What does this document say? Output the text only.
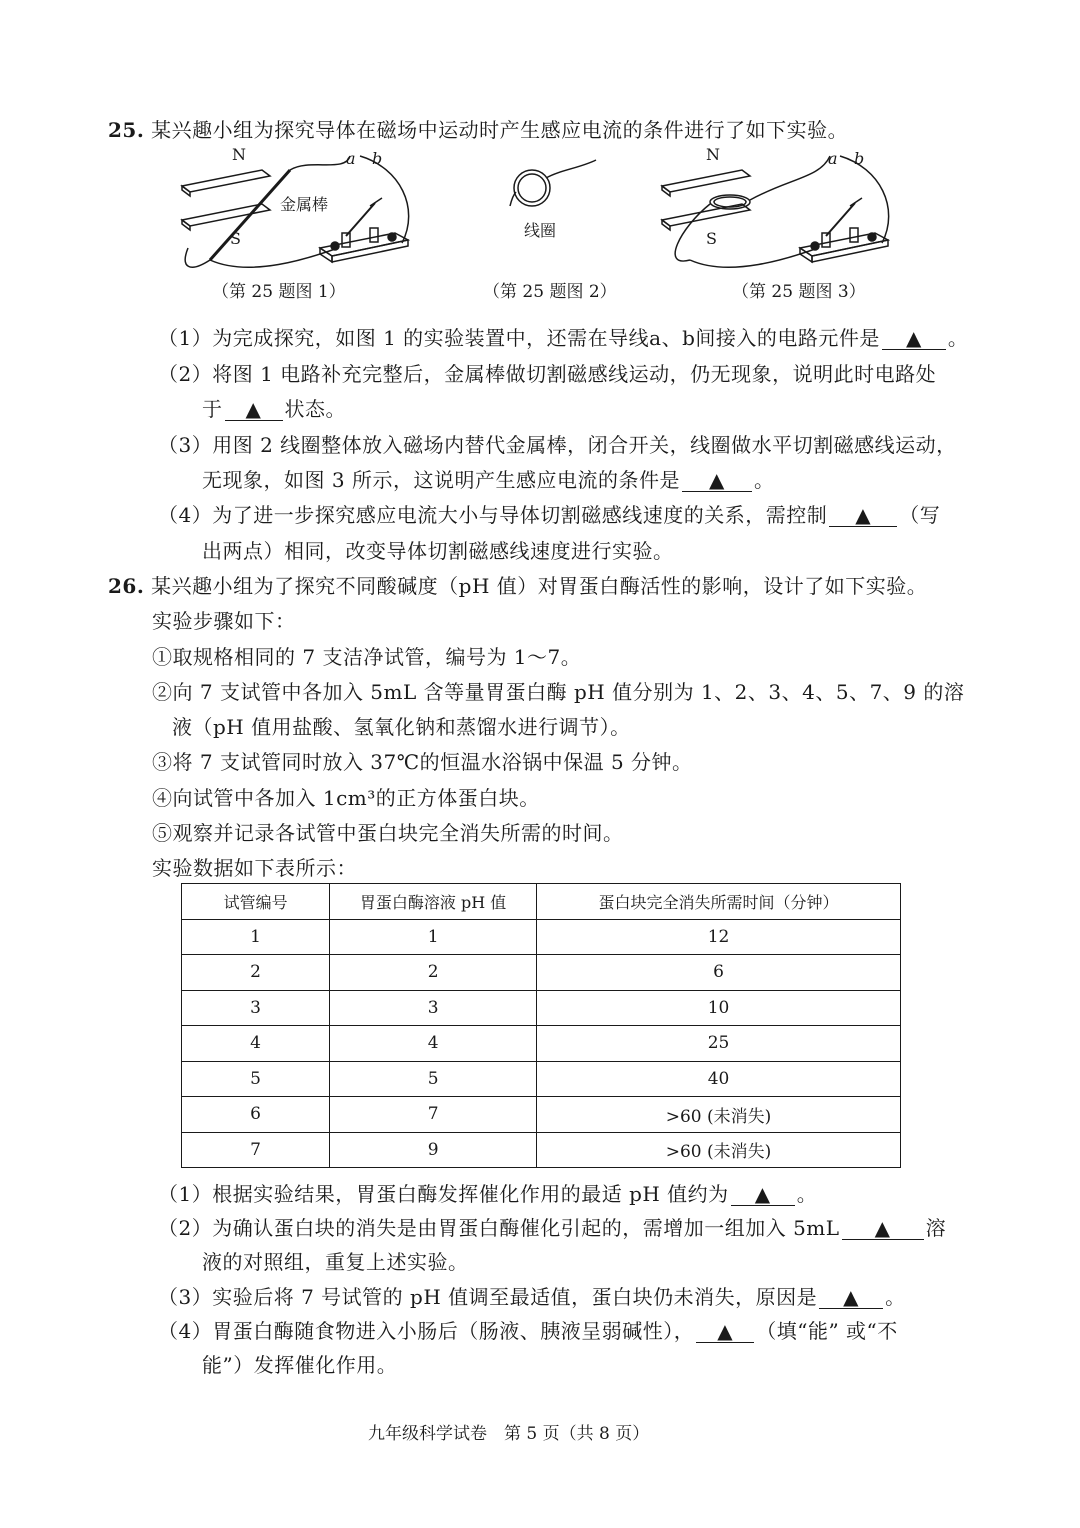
25. 某兴趣小组为探究导体在磁场中运动时产生感应电流的条件进行了如下实验。
N
S
a b
金属棒
线圈
N
S
a b
（第 25 题图 1）	（第 25 题图 2）	（第 25 题图 3）
（1）为完成探究，如图 1 的实验装置中，还需在导线a、b间接入的电路元件是 ▲ 。
（2）将图 1 电路补充完整后，金属棒做切割磁感线运动，仍无现象，说明此时电路处
于 ▲ 状态。
（3）用图 2 线圈整体放入磁场内替代金属棒，闭合开关，线圈做水平切割磁感线运动，
无现象，如图 3 所示，这说明产生感应电流的条件是 ▲ 。
（4）为了进一步探究感应电流大小与导体切割磁感线速度的关系，需控制 ▲ （写
出两点）相同，改变导体切割磁感线速度进行实验。
26. 某兴趣小组为了探究不同酸碱度（pH 值）对胃蛋白酶活性的影响，设计了如下实验。
实验步骤如下：
①取规格相同的 7 支洁净试管，编号为 1～7。
②向 7 支试管中各加入 5mL 含等量胃蛋白酶 pH 值分别为 1、2、3、4、5、7、9 的溶
液（pH 值用盐酸、氢氧化钠和蒸馏水进行调节）。
③将 7 支试管同时放入 37℃的恒温水浴锅中保温 5 分钟。
④向试管中各加入 1cm³的正方体蛋白块。
⑤观察并记录各试管中蛋白块完全消失所需的时间。
实验数据如下表所示：
试管编号	胃蛋白酶溶液 pH 值	蛋白块完全消失所需时间（分钟）
1	1	12
2	2	6
3	3	10
4	4	25
5	5	40
6	7	>60 (未消失)
7	9	>60 (未消失)
（1）根据实验结果，胃蛋白酶发挥催化作用的最适 pH 值约为 ▲ 。
（2）为确认蛋白块的消失是由胃蛋白酶催化引起的，需增加一组加入 5mL ▲ 溶
液的对照组，重复上述实验。
（3）实验后将 7 号试管的 pH 值调至最适值，蛋白块仍未消失，原因是 ▲ 。
（4）胃蛋白酶随食物进入小肠后（肠液、胰液呈弱碱性）， ▲ （填“能” 或“不
能”）发挥催化作用。
九年级科学试卷　第 5 页（共 8 页）
